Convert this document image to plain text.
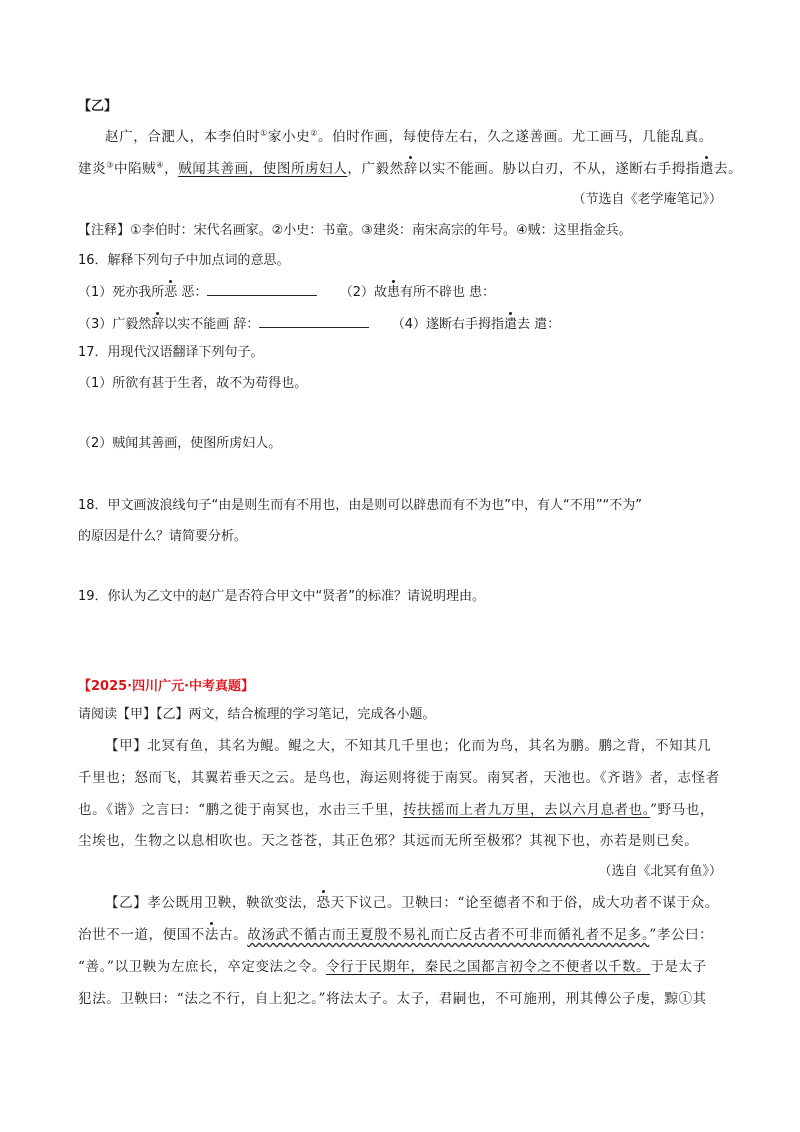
【乙】
赵广，合淝人，本李伯时①家小史②。伯时作画，每使侍左右，久之遂善画。尤工画马，几能乱真。
建炎③中陷贼④，贼闻其善画，使图所虏妇人，广毅然辞以实不能画。胁以白刃，不从，遂断右手拇指遣去。
（节选自《老学庵笔记》）
【注释】①李伯时：宋代名画家。②小史：书童。③建炎：南宋高宗的年号。④贼：这里指金兵。
16．解释下列句子中加点词的意思。
（1）死亦我所恶 恶：	（2）故患有所不辟也 患：
（3）广毅然辞以实不能画 辞：	（4）遂断右手拇指遣去 遣：
17．用现代汉语翻译下列句子。
（1）所欲有甚于生者，故不为苟得也。
（2）贼闻其善画，使图所虏妇人。
18．甲文画波浪线句子“由是则生而有不用也，由是则可以辟患而有不为也”中，有人“不用”“不为”
的原因是什么？请简要分析。
19．你认为乙文中的赵广是否符合甲文中“贤者”的标准？请说明理由。
【2025·四川广元·中考真题】
请阅读【甲】【乙】两文，结合梳理的学习笔记，完成各小题。
【甲】北冥有鱼，其名为鲲。鲲之大，不知其几千里也；化而为鸟，其名为鹏。鹏之背，不知其几
千里也；怒而飞，其翼若垂天之云。是鸟也，海运则将徙于南冥。南冥者，天池也。《齐谐》者，志怪者
也。《谐》之言曰：“鹏之徙于南冥也，水击三千里，抟扶摇而上者九万里，去以六月息者也。”野马也，
尘埃也，生物之以息相吹也。天之苍苍，其正色邪？其远而无所至极邪？其视下也，亦若是则已矣。
（选自《北冥有鱼》）
【乙】孝公既用卫鞅，鞅欲变法，恐天下议己。卫鞅曰：“论至德者不和于俗，成大功者不谋于众。
治世不一道，便国不法古。故汤武不循古而王夏殷不易礼而亡反古者不可非而循礼者不足多。”孝公曰：
“善。”以卫鞅为左庶长，卒定变法之令。令行于民期年，秦民之国都言初令之不便者以千数。于是太子
犯法。卫鞅曰：“法之不行，自上犯之。”将法太子。太子，君嗣也，不可施刑，刑其傅公子虔，黥①其
